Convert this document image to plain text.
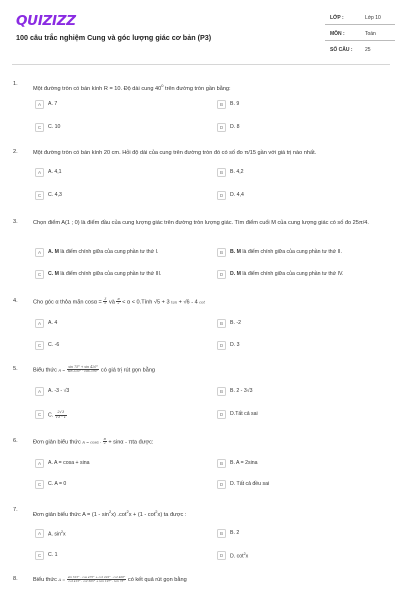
QUIZIZZ
100 câu trắc nghiệm Cung và góc lượng giác cơ bản (P3)
LỚP :	Lớp 10
MÔN :	Toán
SỐ CÂU :	25
1.
Một đường tròn có bán kính R = 10. Độ dài cung $40^0$ trên đường tròn gần bằng:
A	A. 7	B	B. 9
C	C. 10	D	D. 8
2.	Một đường tròn có bán kính 20 cm. Hỏi độ dài của cung trên đường tròn đó có số đo π/15 gần với giá trị nào nhất.
A	A. 4,1	B	B. 4,2
C	C. 4,3	D	D. 4,4
3.	Chọn điểm A(1 ; 0) là điểm đầu của cung lượng giác trên đường tròn lượng giác. Tìm điểm cuối M của cung lượng giác có số đo 25π/4.
A	A. M là điểm chính giữa của cung phần tư thứ I.	B	B. M là điểm chính giữa của cung phần tư thứ II.
C	C. M là điểm chính giữa của cung phần tư thứ III.	D	D. M là điểm chính giữa của cung phần tư thứ IV.
4.	Cho góc α thỏa mãn $\cos\alpha = \frac{3}{5}$ và $\frac{\pi}{2} < \alpha$ < 0.Tính √5 + 3 tan + √6 - 4 cot
A	A. 4	B	B. -2
C	C. -6	D	D. 3
5.	Biểu thức $A = \frac{\sin 75^\circ + \sin 420^\circ}{\sin 330^\circ - \cos 390^\circ}$ có giá trị rút gọn bằng
A	A. -3 - √3	B	B. 2 - 3√3
C	C. $\frac{2√3}{√3 - 1}$	D	D.Tất cả sai
6.	Đơn giản biểu thức $A = \cos\alpha - \frac{\pi}{2} + \sin\alpha - \pi ta$ được:
A	A. A = cosa + sina	B	B. A = 2sina
C	C. A = 0	D	D. Tất cả đều sai
7.
Đơn giản biểu thức $A = (1 - \sin^2x)$ $.\cot^2x + (1 - \cot^2x)$ ta được :
A	A. $\sin^2x$	B	B. 2
C	C. 1	D	D. $\cot^2x$
8.	Biểu thức $A = \frac{\sin 515^\circ . \cos 475^\circ + \cot 222^\circ . \cot 408^\circ}{\cot 415^\circ . \cot 505^\circ + \tan 197^\circ . \tan 73^\circ}$ có kết quả rút gọn bằng
